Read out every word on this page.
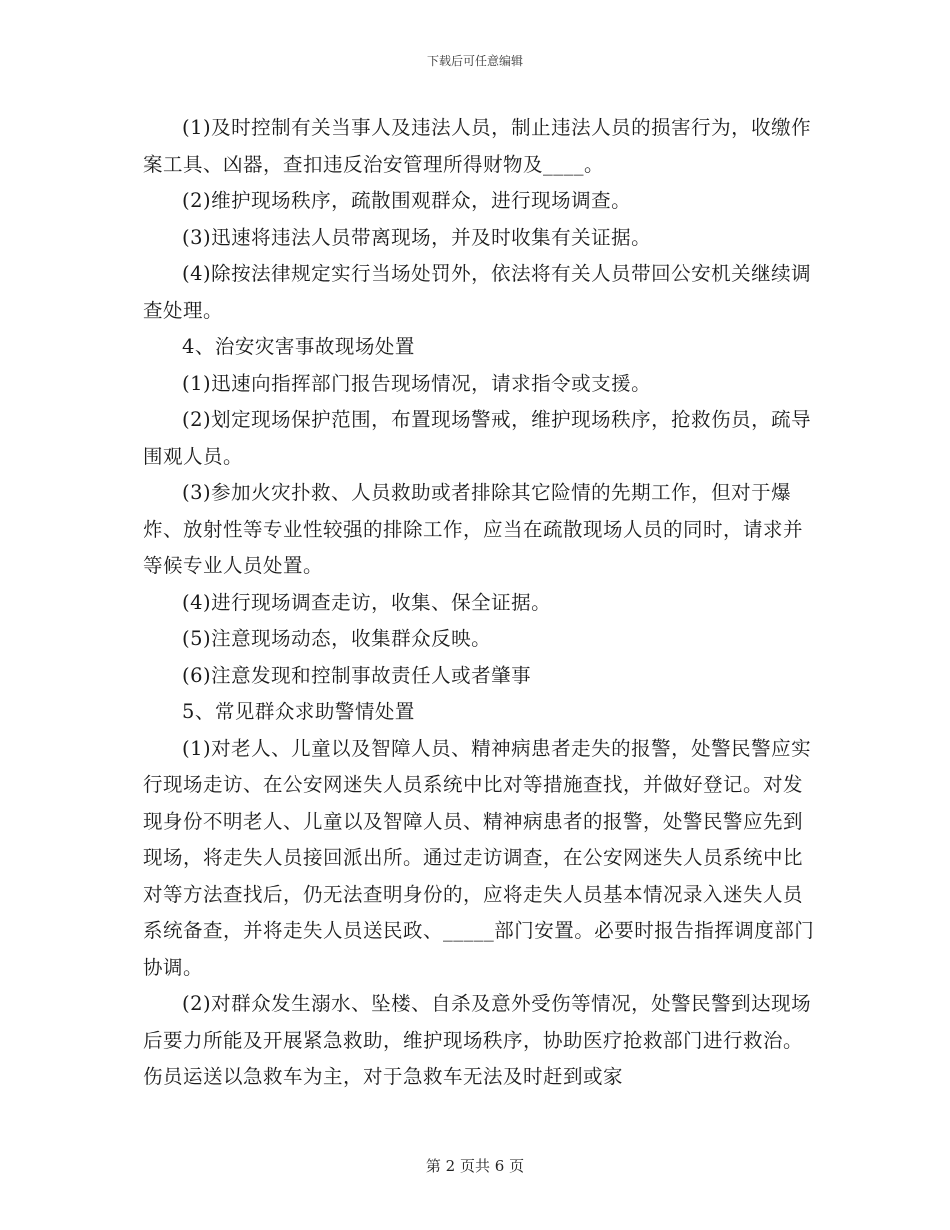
下载后可任意编辑

(1)及时控制有关当事人及违法人员，制止违法人员的损害行为，收缴作案工具、凶器，查扣违反治安管理所得财物及____。

(2)维护现场秩序，疏散围观群众，进行现场调查。

(3)迅速将违法人员带离现场，并及时收集有关证据。

(4)除按法律规定实行当场处罚外，依法将有关人员带回公安机关继续调查处理。

4、治安灾害事故现场处置

(1)迅速向指挥部门报告现场情况，请求指令或支援。

(2)划定现场保护范围，布置现场警戒，维护现场秩序，抢救伤员，疏导围观人员。

(3)参加火灾扑救、人员救助或者排除其它险情的先期工作，但对于爆炸、放射性等专业性较强的排除工作，应当在疏散现场人员的同时，请求并等候专业人员处置。

(4)进行现场调查走访，收集、保全证据。

(5)注意现场动态，收集群众反映。

(6)注意发现和控制事故责任人或者肇事

5、常见群众求助警情处置

(1)对老人、儿童以及智障人员、精神病患者走失的报警，处警民警应实行现场走访、在公安网迷失人员系统中比对等措施查找，并做好登记。对发现身份不明老人、儿童以及智障人员、精神病患者的报警，处警民警应先到现场，将走失人员接回派出所。通过走访调查，在公安网迷失人员系统中比对等方法查找后，仍无法查明身份的，应将走失人员基本情况录入迷失人员系统备查，并将走失人员送民政、_____部门安置。必要时报告指挥调度部门协调。

(2)对群众发生溺水、坠楼、自杀及意外受伤等情况，处警民警到达现场后要力所能及开展紧急救助，维护现场秩序，协助医疗抢救部门进行救治。伤员运送以急救车为主，对于急救车无法及时赶到或家

第 2 页共 6 页
